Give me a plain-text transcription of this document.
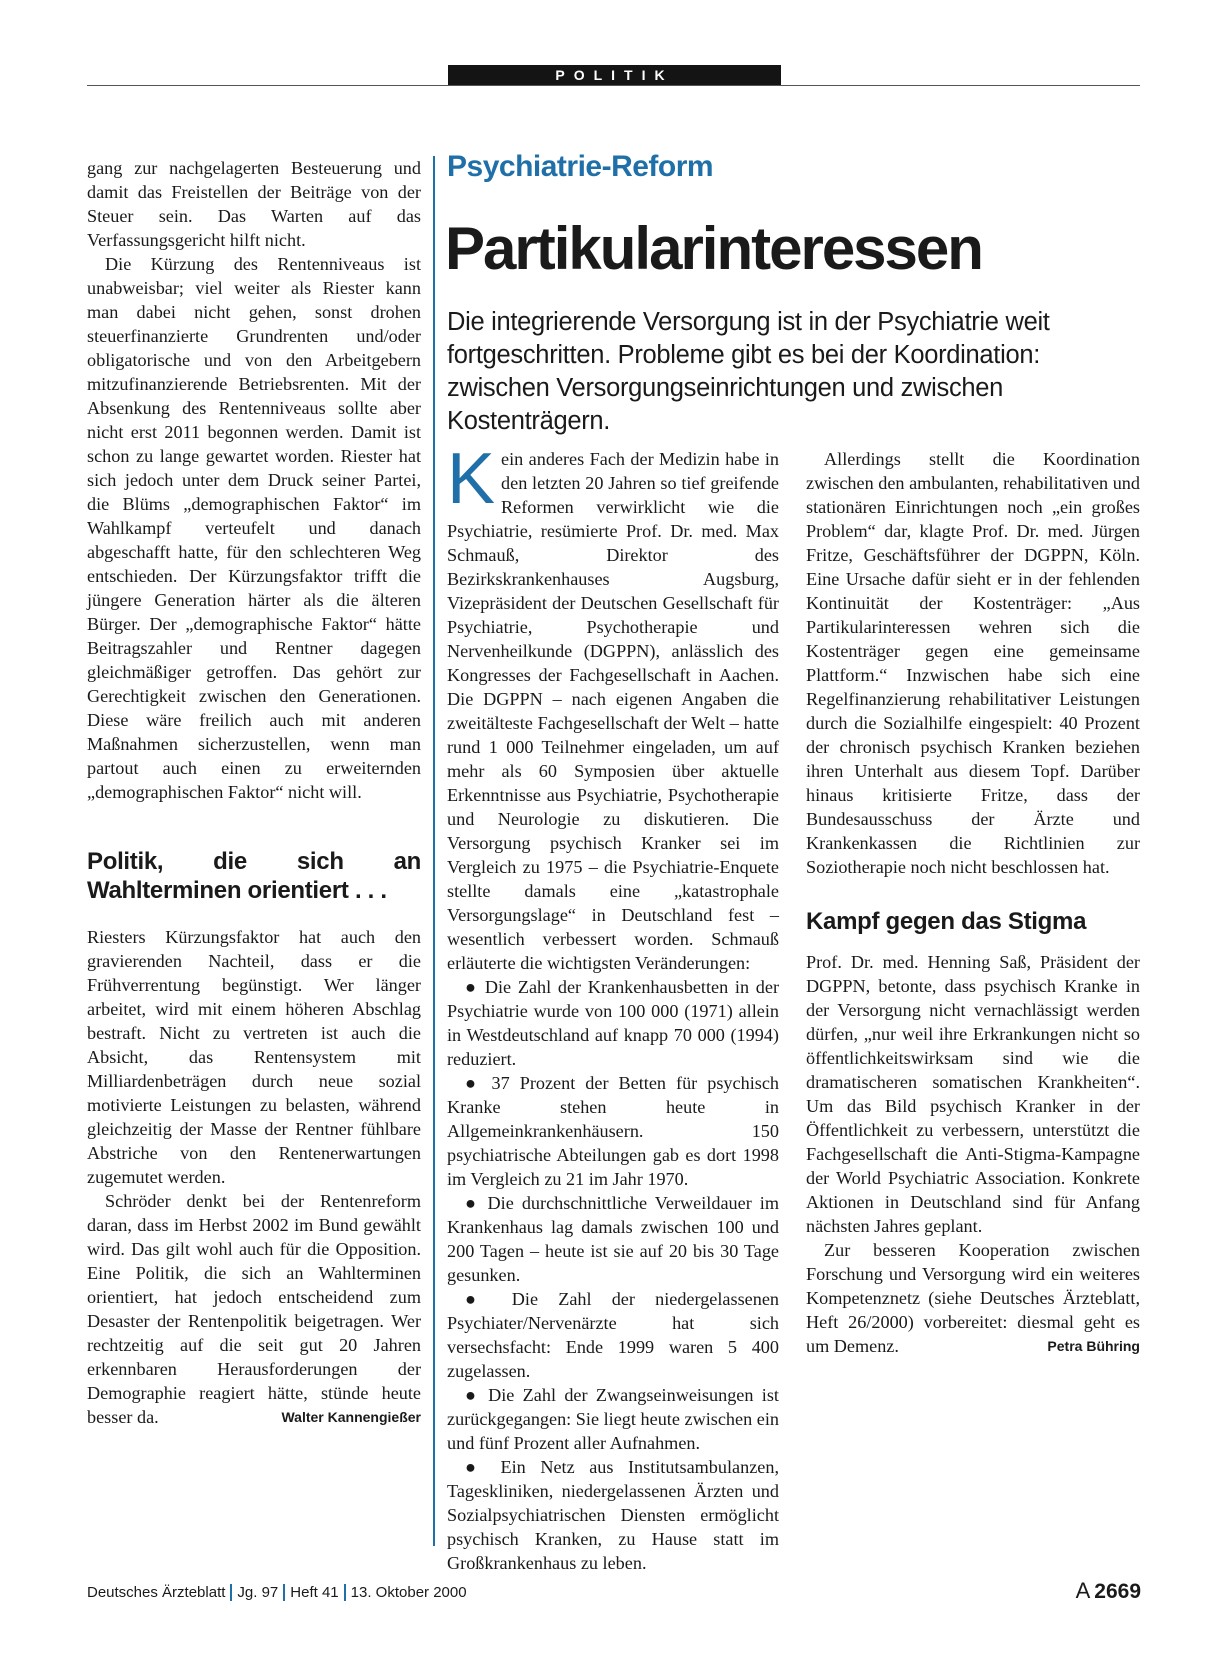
POLITIK

gang zur nachgelagerten Besteuerung und damit das Freistellen der Beiträge von der Steuer sein. Das Warten auf das Verfassungsgericht hilft nicht.

Die Kürzung des Rentenniveaus ist unabweisbar; viel weiter als Riester kann man dabei nicht gehen, sonst drohen steuerfinanzierte Grundrenten und/oder obligatorische und von den Arbeitgebern mitzufinanzierende Betriebsrenten. Mit der Absenkung des Rentenniveaus sollte aber nicht erst 2011 begonnen werden. Damit ist schon zu lange gewartet worden. Riester hat sich jedoch unter dem Druck seiner Partei, die Blüms „demographischen Faktor“ im Wahlkampf verteufelt und danach abgeschafft hatte, für den schlechteren Weg entschieden. Der Kürzungsfaktor trifft die jüngere Generation härter als die älteren Bürger. Der „demographische Faktor“ hätte Beitragszahler und Rentner dagegen gleichmäßiger getroffen. Das gehört zur Gerechtigkeit zwischen den Generationen. Diese wäre freilich auch mit anderen Maßnahmen sicherzustellen, wenn man partout auch einen zu erweiternden „demographischen Faktor“ nicht will.

Politik, die sich an Wahlterminen orientiert . . .

Riesters Kürzungsfaktor hat auch den gravierenden Nachteil, dass er die Frühverrentung begünstigt. Wer länger arbeitet, wird mit einem höheren Abschlag bestraft. Nicht zu vertreten ist auch die Absicht, das Rentensystem mit Milliardenbeträgen durch neue sozial motivierte Leistungen zu belasten, während gleichzeitig der Masse der Rentner fühlbare Abstriche von den Rentenerwartungen zugemutet werden.

Schröder denkt bei der Rentenreform daran, dass im Herbst 2002 im Bund gewählt wird. Das gilt wohl auch für die Opposition. Eine Politik, die sich an Wahlterminen orientiert, hat jedoch entscheidend zum Desaster der Rentenpolitik beigetragen. Wer rechtzeitig auf die seit gut 20 Jahren erkennbaren Herausforderungen der Demographie reagiert hätte, stünde heute besser da.	Walter Kannengießer

Psychiatrie-Reform
Partikularinteressen
Die integrierende Versorgung ist in der Psychiatrie weit fortgeschritten. Probleme gibt es bei der Koordination: zwischen Versorgungseinrichtungen und zwischen Kostenträgern.

Kein anderes Fach der Medizin habe in den letzten 20 Jahren so tief greifende Reformen verwirklicht wie die Psychiatrie, resümierte Prof. Dr. med. Max Schmauß, Direktor des Bezirkskrankenhauses Augsburg, Vizepräsident der Deutschen Gesellschaft für Psychiatrie, Psychotherapie und Nervenheilkunde (DGPPN), anlässlich des Kongresses der Fachgesellschaft in Aachen. Die DGPPN – nach eigenen Angaben die zweitälteste Fachgesellschaft der Welt – hatte rund 1 000 Teilnehmer eingeladen, um auf mehr als 60 Symposien über aktuelle Erkenntnisse aus Psychiatrie, Psychotherapie und Neurologie zu diskutieren. Die Versorgung psychisch Kranker sei im Vergleich zu 1975 – die Psychiatrie-Enquete stellte damals eine „katastrophale Versorgungslage“ in Deutschland fest – wesentlich verbessert worden. Schmauß erläuterte die wichtigsten Veränderungen:

● Die Zahl der Krankenhausbetten in der Psychiatrie wurde von 100 000 (1971) allein in Westdeutschland auf knapp 70 000 (1994) reduziert.

● 37 Prozent der Betten für psychisch Kranke stehen heute in Allgemeinkrankenhäusern. 150 psychiatrische Abteilungen gab es dort 1998 im Vergleich zu 21 im Jahr 1970.

● Die durchschnittliche Verweildauer im Krankenhaus lag damals zwischen 100 und 200 Tagen – heute ist sie auf 20 bis 30 Tage gesunken.

● Die Zahl der niedergelassenen Psychiater/Nervenärzte hat sich versechsfacht: Ende 1999 waren 5 400 zugelassen.

● Die Zahl der Zwangseinweisungen ist zurückgegangen: Sie liegt heute zwischen ein und fünf Prozent aller Aufnahmen.

● Ein Netz aus Institutsambulanzen, Tageskliniken, niedergelassenen Ärzten und Sozialpsychiatrischen Diensten ermöglicht psychisch Kranken, zu Hause statt im Großkrankenhaus zu leben.

Allerdings stellt die Koordination zwischen den ambulanten, rehabilitativen und stationären Einrichtungen noch „ein großes Problem“ dar, klagte Prof. Dr. med. Jürgen Fritze, Geschäftsführer der DGPPN, Köln. Eine Ursache dafür sieht er in der fehlenden Kontinuität der Kostenträger: „Aus Partikularinteressen wehren sich die Kostenträger gegen eine gemeinsame Plattform.“ Inzwischen habe sich eine Regelfinanzierung rehabilitativer Leistungen durch die Sozialhilfe eingespielt: 40 Prozent der chronisch psychisch Kranken beziehen ihren Unterhalt aus diesem Topf. Darüber hinaus kritisierte Fritze, dass der Bundesausschuss der Ärzte und Krankenkassen die Richtlinien zur Soziotherapie noch nicht beschlossen hat.

Kampf gegen das Stigma

Prof. Dr. med. Henning Saß, Präsident der DGPPN, betonte, dass psychisch Kranke in der Versorgung nicht vernachlässigt werden dürfen, „nur weil ihre Erkrankungen nicht so öffentlichkeitswirksam sind wie die dramatischeren somatischen Krankheiten“. Um das Bild psychisch Kranker in der Öffentlichkeit zu verbessern, unterstützt die Fachgesellschaft die Anti-Stigma-Kampagne der World Psychiatric Association. Konkrete Aktionen in Deutschland sind für Anfang nächsten Jahres geplant.

Zur besseren Kooperation zwischen Forschung und Versorgung wird ein weiteres Kompetenznetz (siehe Deutsches Ärzteblatt, Heft 26/2000) vorbereitet: diesmal geht es um Demenz.	Petra Bühring

Deutsches Ärzteblatt Jg. 97 Heft 41 13. Oktober 2000	A 2669
